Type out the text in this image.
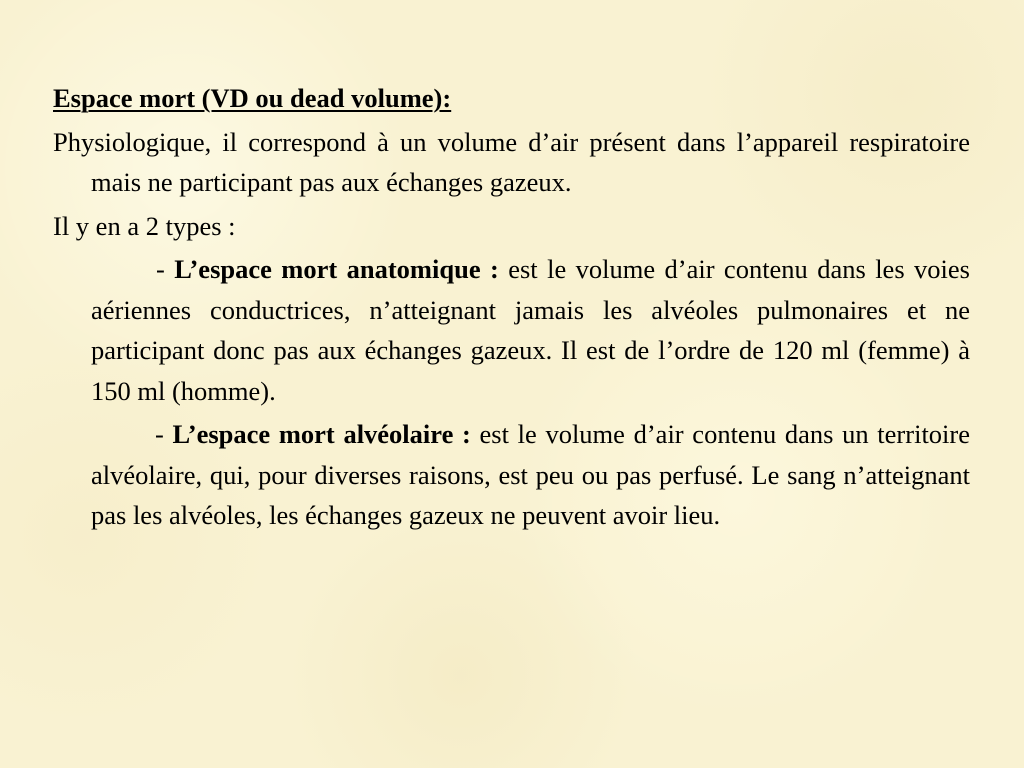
Espace mort (VD ou dead volume):
Physiologique, il correspond à un volume d’air présent dans l’appareil respiratoire mais ne participant pas aux échanges gazeux.
Il y en a 2 types :
- L’espace mort anatomique : est le volume d’air contenu dans les voies aériennes conductrices, n’atteignant jamais les alvéoles pulmonaires et ne participant donc pas aux échanges gazeux. Il est de l’ordre de 120 ml (femme) à 150 ml (homme).
- L’espace mort alvéolaire : est le volume d’air contenu dans un territoire alvéolaire, qui, pour diverses raisons, est peu ou pas perfusé. Le sang n’atteignant pas les alvéoles, les échanges gazeux ne peuvent avoir lieu.
